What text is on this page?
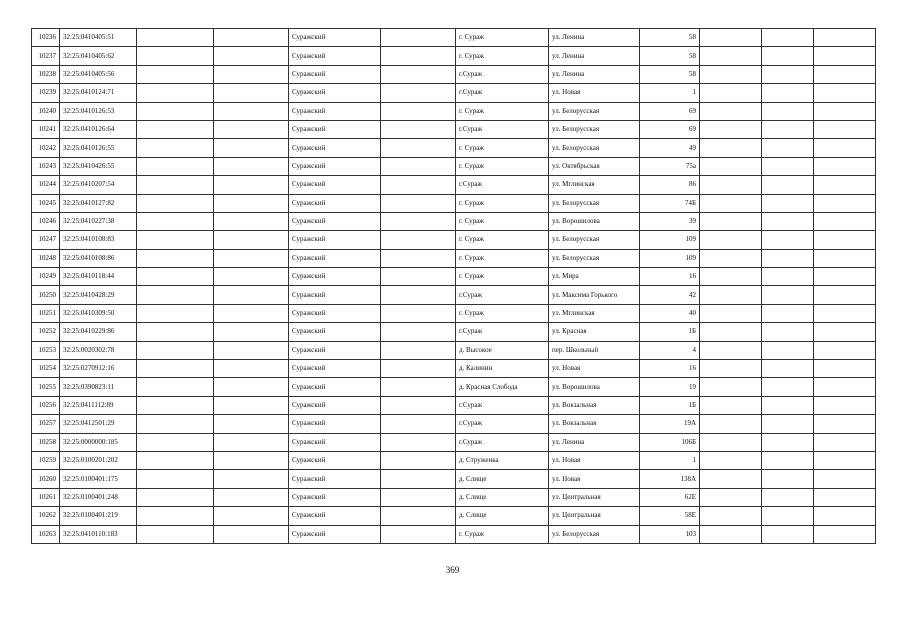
10236	32:25:0410405:51			Суражский		г. Сураж	ул. Ленина	58			
10237	32:25:0410405:62			Суражский		г. Сураж	ул. Ленина	58			
10238	32:25:0410405:56			Суражский		г.Сураж	ул. Ленина	58			
10239	32:25:0410124:71			Суражский		г.Сураж	ул. Новая	1			
10240	32:25:0410126:53			Суражский		г. Сураж	ул. Белорусская	69			
10241	32:25:0410126:64			Суражский		г.Сураж	ул. Белорусская	69			
10242	32:25:0410126:55			Суражский		г. Сураж	ул. Белорусская	49			
10243	32:25:0410426:55			Суражский		г. Сураж	ул. Октябрьская	75а			
10244	32:25:0410207:54			Суражский		г.Сураж	ул. Мглинская	86			
10245	32:25:0410127:82			Суражский		г. Сураж	ул. Белорусская	74Б			
10246	32:25:0410227:38			Суражский		г. Сураж	ул. Ворошилова	39			
10247	32:25:0410108:83			Суражский		г. Сураж	ул. Белорусская	109			
10248	32:25:0410108:86			Суражский		г. Сураж	ул. Белорусская	109			
10249	32:25:0410118:44			Суражский		г. Сураж	ул. Мира	16			
10250	32:25:0410428:29			Суражский		г.Сураж	ул. Максима Горького	42			
10251	32:25:0410309:50			Суражский		г. Сураж	ул. Мглинская	40			
10252	32:25:0410229:86			Суражский		г.Сураж	ул. Красная	1Б			
10253	32:25:0020302:78			Суражский		д. Высокое	пер. Школьный	4			
10254	32:25:0270912:16			Суражский		д. Калинин	ул. Новая	16			
10255	32:25:0390823:11			Суражский		д. Красная Слобода	ул. Ворошилова	19			
10256	32:25:0411112:89			Суражский		г.Сураж	ул. Вокзальная	1Б			
10257	32:25:0412501:29			Суражский		г.Сураж	ул. Вокзальная	19А			
10258	32:25:0000000:185			Суражский		г.Сураж	ул. Ленина	106Б			
10259	32:25:0100201:202			Суражский		д. Струженка	ул. Новая	1			
10260	32:25:0100401:175			Суражский		д. Слище	ул. Новая	138А			
10261	32:25:0100401:248			Суражский		д. Слище	ул. Центральная	62Е			
10262	32:25:0100401:219			Суражский		д. Слище	ул. Центральная	58Е			
10263	32:25:0410110:183			Суражский		г. Сураж	ул. Белорусская	103			
369
